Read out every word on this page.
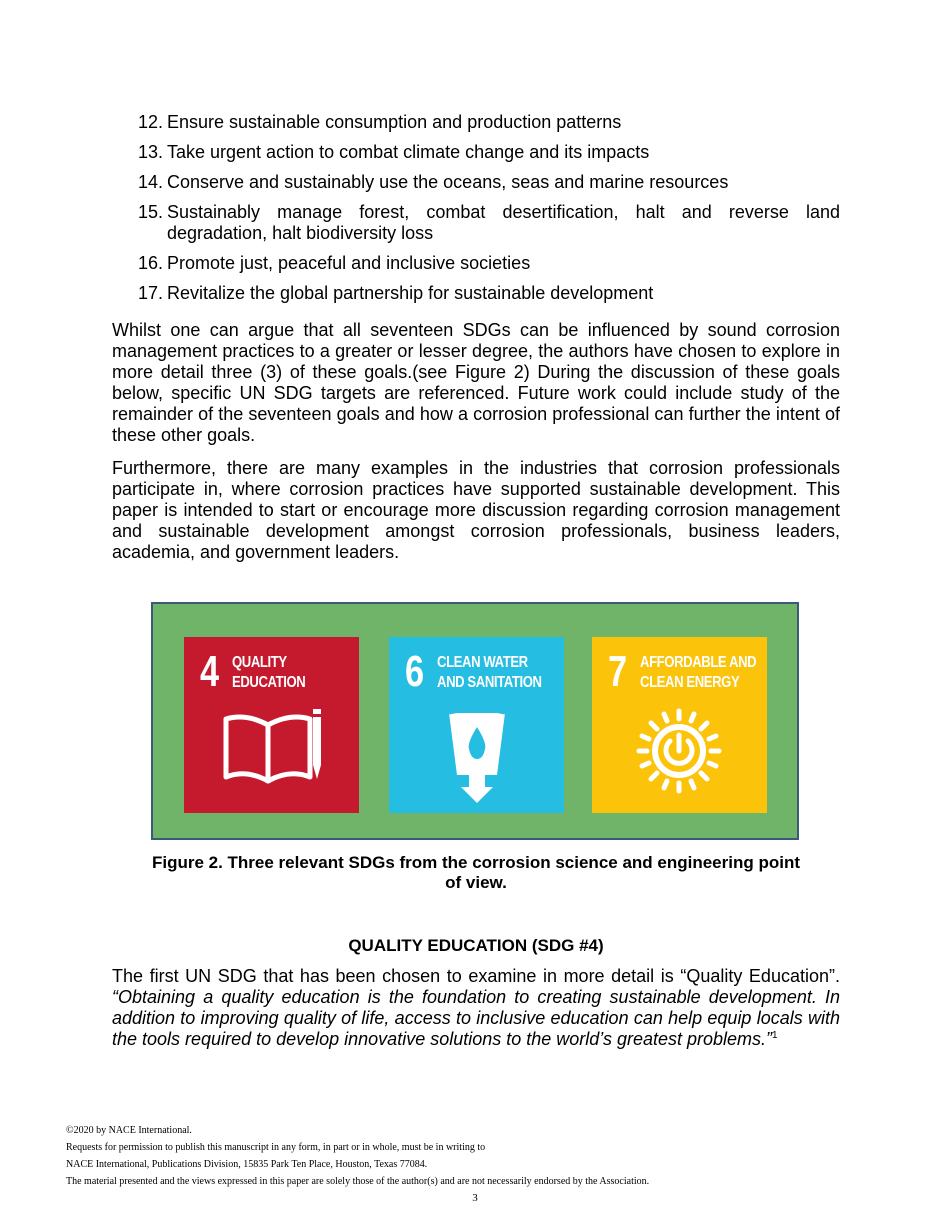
12. Ensure sustainable consumption and production patterns
13. Take urgent action to combat climate change and its impacts
14. Conserve and sustainably use the oceans, seas and marine resources
15. Sustainably manage forest, combat desertification, halt and reverse land degradation, halt biodiversity loss
16. Promote just, peaceful and inclusive societies
17. Revitalize the global partnership for sustainable development

Whilst one can argue that all seventeen SDGs can be influenced by sound corrosion management practices to a greater or lesser degree, the authors have chosen to explore in more detail three (3) of these goals.(see Figure 2) During the discussion of these goals below, specific UN SDG targets are referenced. Future work could include study of the remainder of the seventeen goals and how a corrosion professional can further the intent of these other goals.

Furthermore, there are many examples in the industries that corrosion professionals participate in, where corrosion practices have supported sustainable development. This paper is intended to start or encourage more discussion regarding corrosion management and sustainable development amongst corrosion professionals, business leaders, academia, and government leaders.

4 QUALITY
EDUCATION 6 CLEAN WATER
AND SANITATION 7 AFFORDABLE AND
CLEAN ENERGY
Figure 2. Three relevant SDGs from the corrosion science and engineering point
of view.
QUALITY EDUCATION (SDG #4)

The first UN SDG that has been chosen to examine in more detail is “Quality Education”. “Obtaining a quality education is the foundation to creating sustainable development. In addition to improving quality of life, access to inclusive education can help equip locals with the tools required to develop innovative solutions to the world’s greatest problems.”$^1$

©2020 by NACE International.
Requests for permission to publish this manuscript in any form, in part or in whole, must be in writing to
NACE International, Publications Division, 15835 Park Ten Place, Houston, Texas 77084.
The material presented and the views expressed in this paper are solely those of the author(s) and are not necessarily endorsed by the Association.
3
